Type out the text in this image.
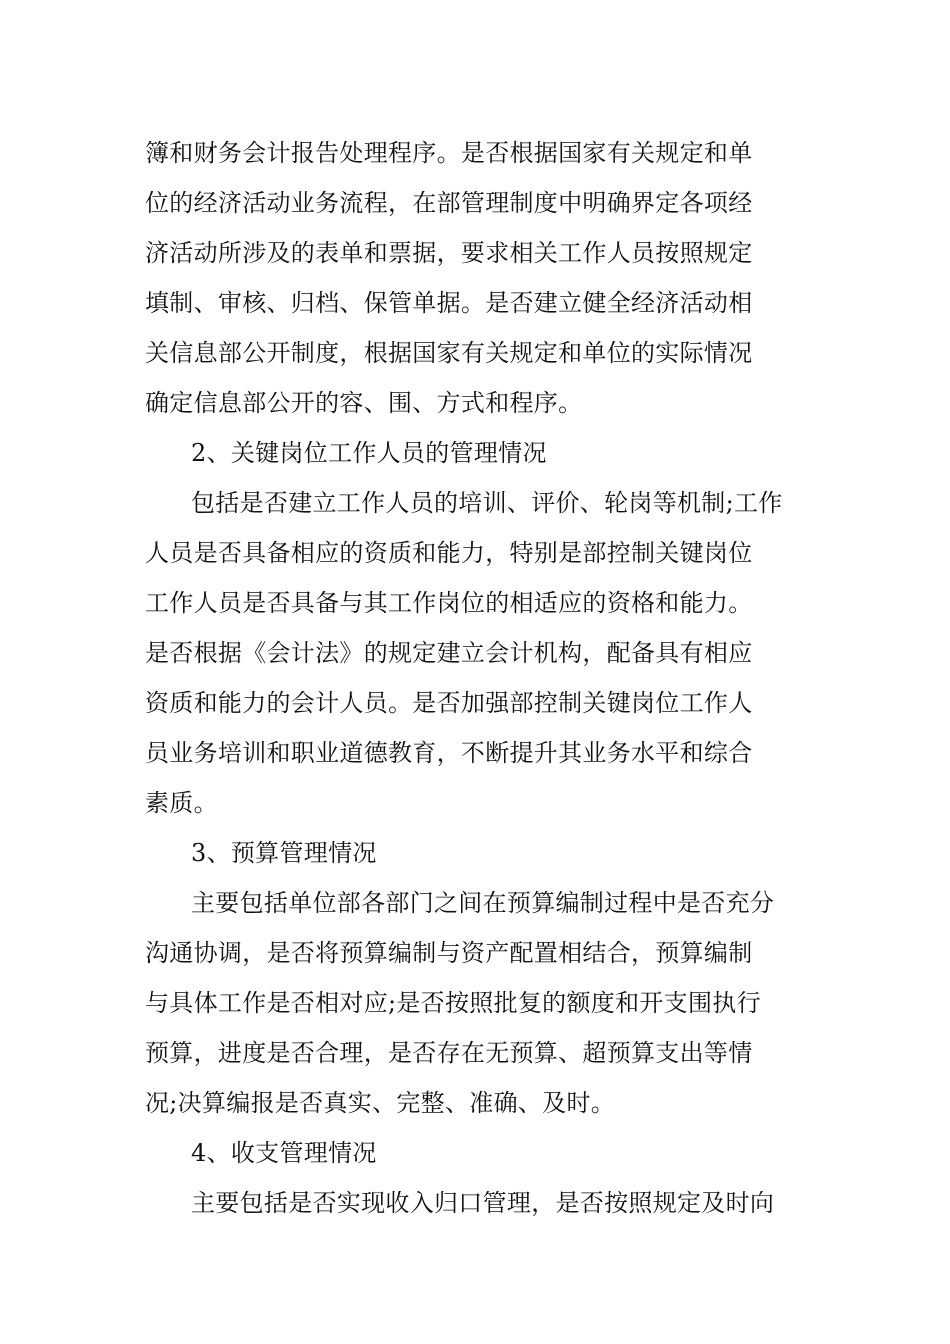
簿和财务会计报告处理程序。是否根据国家有关规定和单
位的经济活动业务流程，在部管理制度中明确界定各项经
济活动所涉及的表单和票据，要求相关工作人员按照规定
填制、审核、归档、保管单据。是否建立健全经济活动相
关信息部公开制度，根据国家有关规定和单位的实际情况
确定信息部公开的容、围、方式和程序。
2、关键岗位工作人员的管理情况
包括是否建立工作人员的培训、评价、轮岗等机制;工作
人员是否具备相应的资质和能力，特别是部控制关键岗位
工作人员是否具备与其工作岗位的相适应的资格和能力。
是否根据《会计法》的规定建立会计机构，配备具有相应
资质和能力的会计人员。是否加强部控制关键岗位工作人
员业务培训和职业道德教育，不断提升其业务水平和综合
素质。
3、预算管理情况
主要包括单位部各部门之间在预算编制过程中是否充分
沟通协调，是否将预算编制与资产配置相结合，预算编制
与具体工作是否相对应;是否按照批复的额度和开支围执行
预算，进度是否合理，是否存在无预算、超预算支出等情
况;决算编报是否真实、完整、准确、及时。
4、收支管理情况
主要包括是否实现收入归口管理，是否按照规定及时向
